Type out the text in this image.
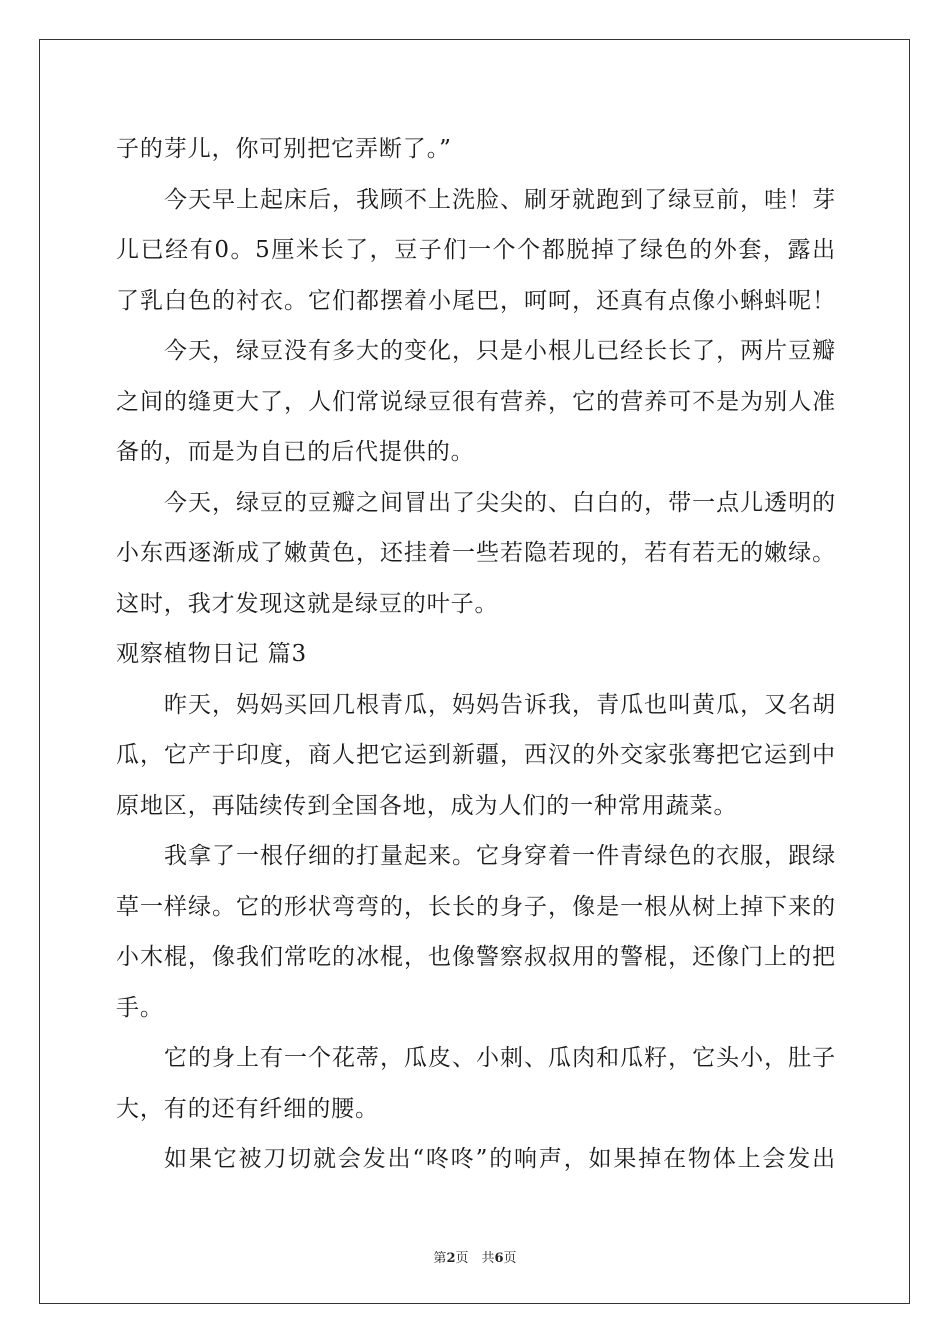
子的芽儿，你可别把它弄断了。”
今天早上起床后，我顾不上洗脸、刷牙就跑到了绿豆前，哇！芽
儿已经有0。5厘米长了，豆子们一个个都脱掉了绿色的外套，露出
了乳白色的衬衣。它们都摆着小尾巴，呵呵，还真有点像小蝌蚪呢！
今天，绿豆没有多大的变化，只是小根儿已经长长了，两片豆瓣
之间的缝更大了，人们常说绿豆很有营养，它的营养可不是为别人准
备的，而是为自已的后代提供的。
今天，绿豆的豆瓣之间冒出了尖尖的、白白的，带一点儿透明的
小东西逐渐成了嫩黄色，还挂着一些若隐若现的，若有若无的嫩绿。
这时，我才发现这就是绿豆的叶子。
观察植物日记 篇3
昨天，妈妈买回几根青瓜，妈妈告诉我，青瓜也叫黄瓜，又名胡
瓜，它产于印度，商人把它运到新疆，西汉的外交家张骞把它运到中
原地区，再陆续传到全国各地，成为人们的一种常用蔬菜。
我拿了一根仔细的打量起来。它身穿着一件青绿色的衣服，跟绿
草一样绿。它的形状弯弯的，长长的身子，像是一根从树上掉下来的
小木棍，像我们常吃的冰棍，也像警察叔叔用的警棍，还像门上的把
手。
它的身上有一个花蒂，瓜皮、小刺、瓜肉和瓜籽，它头小，肚子
大，有的还有纤细的腰。
如果它被刀切就会发出“咚咚”的响声，如果掉在物体上会发出
第2页　共6页
